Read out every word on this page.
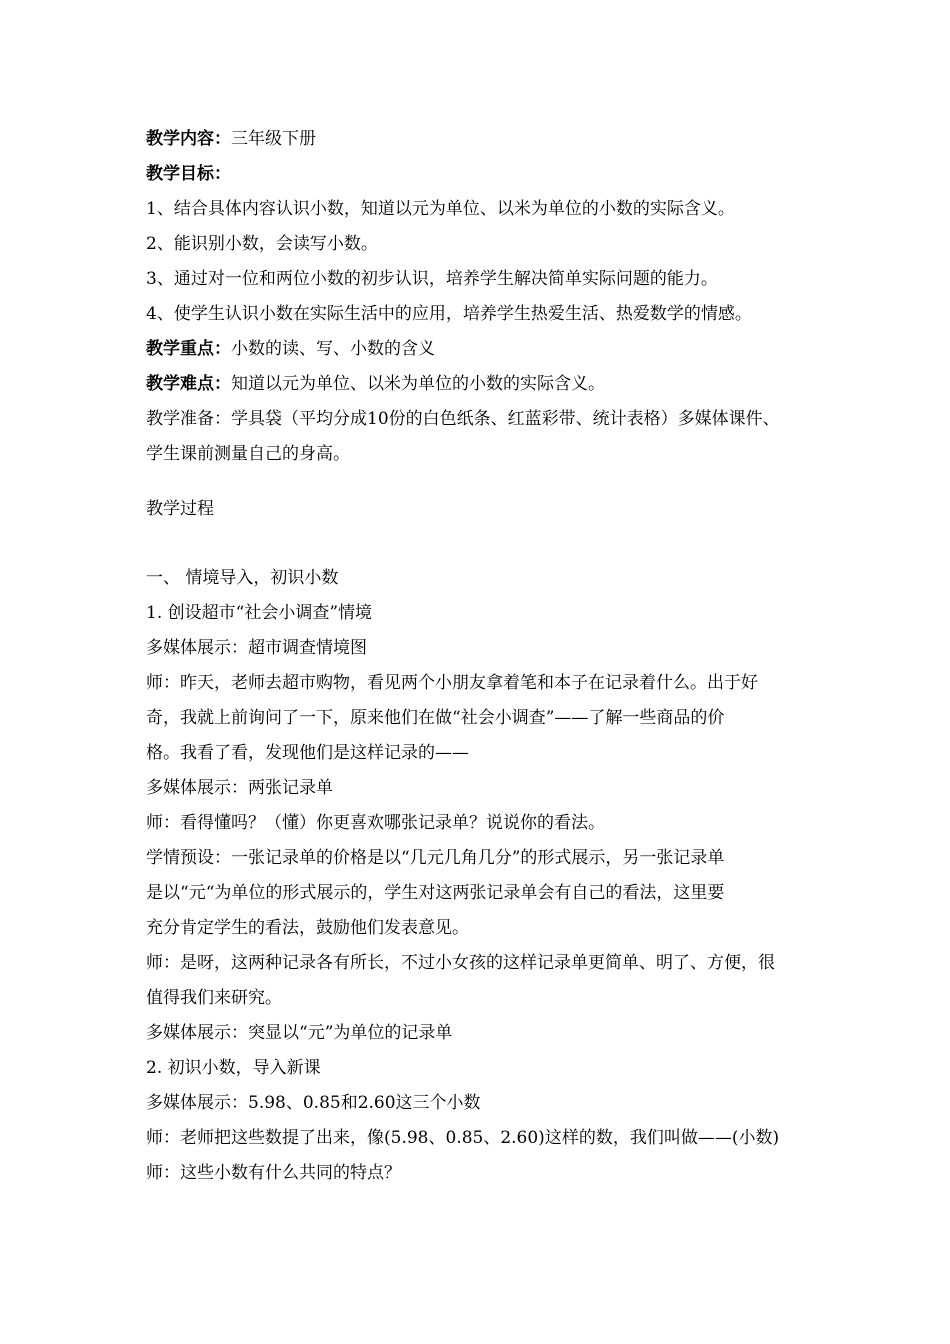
教学内容：三年级下册
教学目标：
1、结合具体内容认识小数，知道以元为单位、以米为单位的小数的实际含义。
2、能识别小数，会读写小数。
3、通过对一位和两位小数的初步认识，培养学生解决简单实际问题的能力。
4、使学生认识小数在实际生活中的应用，培养学生热爱生活、热爱数学的情感。
教学重点：小数的读、写、小数的含义
教学难点：知道以元为单位、以米为单位的小数的实际含义。
教学准备：学具袋（平均分成10份的白色纸条、红蓝彩带、统计表格）多媒体课件、
学生课前测量自己的身高。
教学过程
一、 情境导入，初识小数
1. 创设超市“社会小调查”情境
多媒体展示：超市调查情境图
师：昨天，老师去超市购物，看见两个小朋友拿着笔和本子在记录着什么。出于好
奇，我就上前询问了一下，原来他们在做“社会小调查”——了解一些商品的价
格。我看了看，发现他们是这样记录的——
多媒体展示：两张记录单
师：看得懂吗？（懂）你更喜欢哪张记录单？说说你的看法。
学情预设：一张记录单的价格是以“几元几角几分”的形式展示，另一张记录单
是以“元“为单位的形式展示的，学生对这两张记录单会有自己的看法，这里要
充分肯定学生的看法，鼓励他们发表意见。
师：是呀，这两种记录各有所长，不过小女孩的这样记录单更简单、明了、方便，很
值得我们来研究。
多媒体展示：突显以“元”为单位的记录单
2. 初识小数，导入新课
多媒体展示：5.98、0.85和2.60这三个小数
师：老师把这些数提了出来，像(5.98、0.85、2.60)这样的数，我们叫做——(小数)
师：这些小数有什么共同的特点？
